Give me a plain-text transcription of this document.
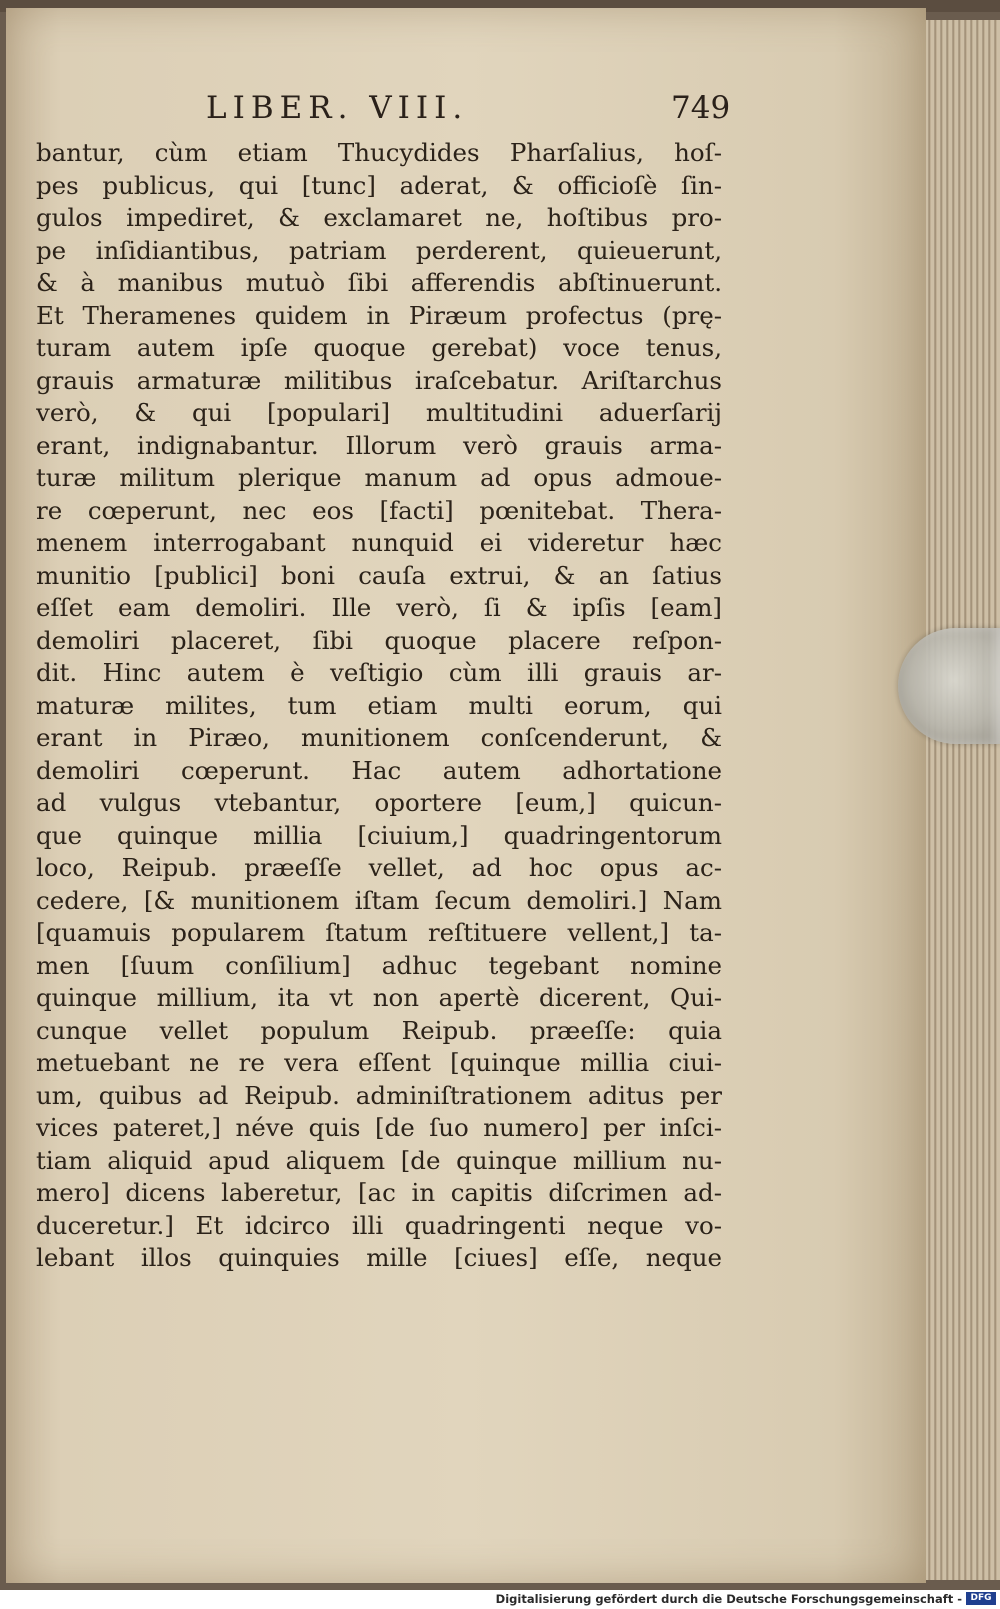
LIBER. VIII.	749
bantur, cùm etiam Thucydides Pharſalius, hoſ-
pes publicus, qui [tunc] aderat, & officioſè ſin-
gulos impediret, & exclamaret ne, hoſtibus pro-
pe inſidiantibus, patriam perderent, quieuerunt,
& à manibus mutuò ſibi afferendis abſtinuerunt.
Et Theramenes quidem in Piræum profectus (prę-
turam autem ipſe quoque gerebat) voce tenus,
grauis armaturæ militibus iraſcebatur. Ariſtarchus
verò, & qui [populari] multitudini aduerſarij
erant, indignabantur. Illorum verò grauis arma-
turæ militum plerique manum ad opus admoue-
re cœperunt, nec eos [facti] pœnitebat. Thera-
menem interrogabant nunquid ei videretur hæc
munitio [publici] boni cauſa extrui, & an ſatius
eſſet eam demoliri. Ille verò, ſi & ipſis [eam]
demoliri placeret, ſibi quoque placere reſpon-
dit. Hinc autem è veſtigio cùm illi grauis ar-
maturæ milites, tum etiam multi eorum, qui
erant in Piræo, munitionem conſcenderunt, &
demoliri cœperunt. Hac autem adhortatione
ad vulgus vtebantur, oportere [eum,] quicun-
que quinque millia [ciuium,] quadringentorum
loco, Reipub. præeſſe vellet, ad hoc opus ac-
cedere, [& munitionem iſtam ſecum demoliri.] Nam
[quamuis popularem ſtatum reſtituere vellent,] ta-
men [ſuum conſilium] adhuc tegebant nomine
quinque millium, ita vt non apertè dicerent, Qui-
cunque vellet populum Reipub. præeſſe: quia
metuebant ne re vera eſſent [quinque millia ciui-
um, quibus ad Reipub. adminiſtrationem aditus per
vices pateret,] néve quis [de ſuo numero] per inſci-
tiam aliquid apud aliquem [de quinque millium nu-
mero] dicens laberetur, [ac in capitis diſcrimen ad-
duceretur.] Et idcirco illi quadringenti neque vo-
lebant illos quinquies mille [ciues] eſſe, neque
Digitalisierung gefördert durch die Deutsche Forschungsgemeinschaft - DFG
